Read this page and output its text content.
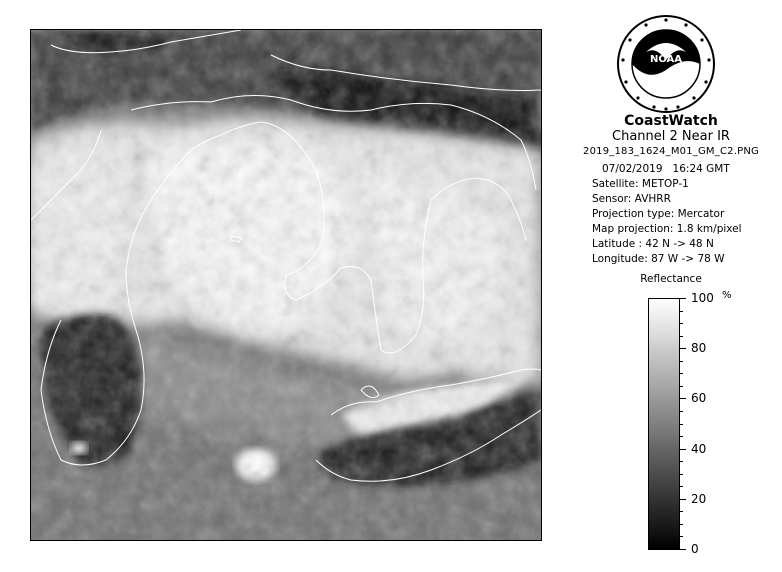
NOAA
CoastWatch
Channel 2 Near IR
2019_183_1624_M01_GM_C2.PNG
07/02/2019 16:24 GMT
Satellite: METOP-1
Sensor: AVHRR
Projection type: Mercator
Map projection: 1.8 km/pixel
Latitude : 42 N -> 48 N
Longitude: 87 W -> 78 W
Reflectance
%
100
80
60
40
20
0
